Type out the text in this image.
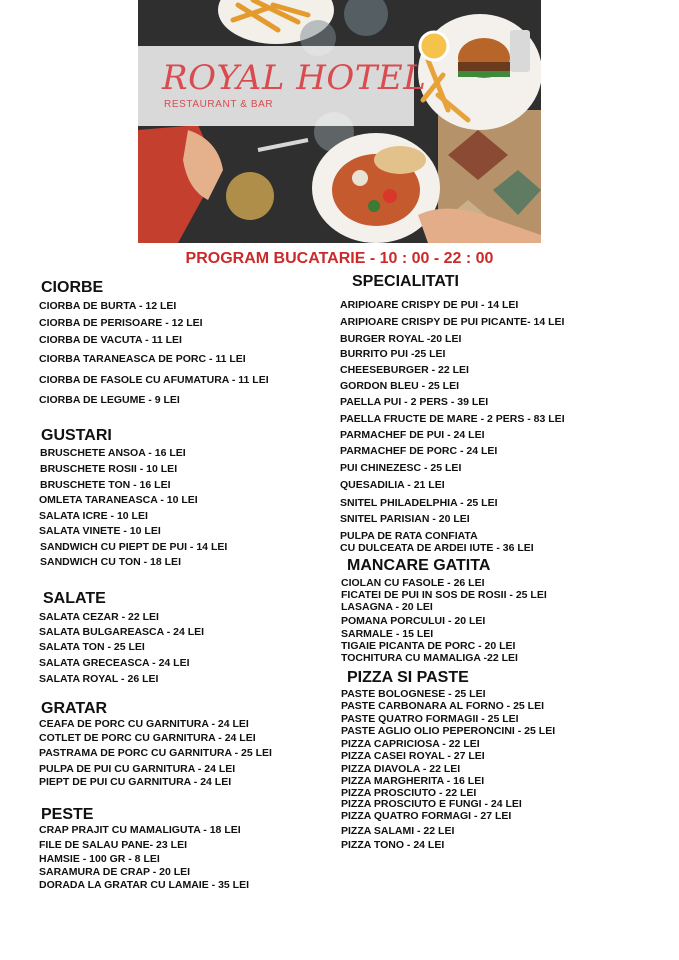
ROYAL HOTEL
RESTAURANT & BAR
PROGRAM BUCATARIE - 10 : 00 - 22 : 00
CIORBE
CIORBA DE BURTA - 12 LEI
CIORBA DE PERISOARE - 12 LEI
CIORBA DE VACUTA - 11 LEI
CIORBA TARANEASCA DE PORC - 11 LEI
CIORBA DE FASOLE CU AFUMATURA - 11 LEI
CIORBA DE LEGUME - 9 LEI
GUSTARI
BRUSCHETE ANSOA - 16 LEI
BRUSCHETE ROSII - 10 LEI
BRUSCHETE TON - 16 LEI
OMLETA TARANEASCA - 10 LEI
SALATA ICRE - 10 LEI
SALATA VINETE - 10 LEI
SANDWICH CU PIEPT DE PUI - 14 LEI
SANDWICH CU TON - 18 LEI
SALATE
SALATA CEZAR - 22 LEI
SALATA BULGAREASCA - 24 LEI
SALATA TON - 25 LEI
SALATA GRECEASCA - 24 LEI
SALATA ROYAL - 26 LEI
GRATAR
CEAFA DE PORC CU GARNITURA - 24 LEI
COTLET DE PORC CU GARNITURA - 24 LEI
PASTRAMA DE PORC CU GARNITURA - 25 LEI
PULPA DE PUI CU GARNITURA - 24 LEI
PIEPT DE PUI CU GARNITURA - 24 LEI
PESTE
CRAP PRAJIT CU MAMALIGUTA - 18 LEI
FILE DE SALAU PANE- 23 LEI
HAMSIE - 100 GR - 8 LEI
SARAMURA DE CRAP - 20 LEI
DORADA LA GRATAR CU LAMAIE - 35 LEI
SPECIALITATI
ARIPIOARE CRISPY DE PUI - 14 LEI
ARIPIOARE CRISPY DE PUI PICANTE- 14 LEI
BURGER ROYAL -20 LEI
BURRITO PUI -25 LEI
CHEESEBURGER - 22 LEI
GORDON BLEU - 25 LEI
PAELLA PUI - 2 PERS - 39 LEI
PAELLA FRUCTE DE MARE - 2 PERS - 83 LEI
PARMACHEF DE PUI - 24 LEI
PARMACHEF DE PORC - 24 LEI
PUI CHINEZESC - 25 LEI
QUESADILIA - 21 LEI
SNITEL PHILADELPHIA - 25 LEI
SNITEL PARISIAN - 20 LEI
PULPA DE RATA CONFIATA
CU DULCEATA DE ARDEI IUTE - 36 LEI
MANCARE GATITA
CIOLAN CU FASOLE - 26 LEI
FICATEI DE PUI IN SOS DE ROSII - 25 LEI
LASAGNA - 20 LEI
POMANA PORCULUI - 20 LEI
SARMALE - 15 LEI
TIGAIE PICANTA DE PORC - 20 LEI
TOCHITURA CU MAMALIGA -22 LEI
PIZZA SI PASTE
PASTE BOLOGNESE - 25 LEI
PASTE CARBONARA AL FORNO - 25 LEI
PASTE QUATRO FORMAGII - 25 LEI
PASTE AGLIO OLIO PEPERONCINI - 25 LEI
PIZZA CAPRICIOSA - 22 LEI
PIZZA CASEI ROYAL - 27 LEI
PIZZA DIAVOLA - 22 LEI
PIZZA MARGHERITA - 16 LEI
PIZZA PROSCIUTO - 22 LEI
PIZZA PROSCIUTO E FUNGI - 24 LEI
PIZZA QUATRO FORMAGI - 27 LEI
PIZZA SALAMI - 22 LEI
PIZZA TONO - 24 LEI
